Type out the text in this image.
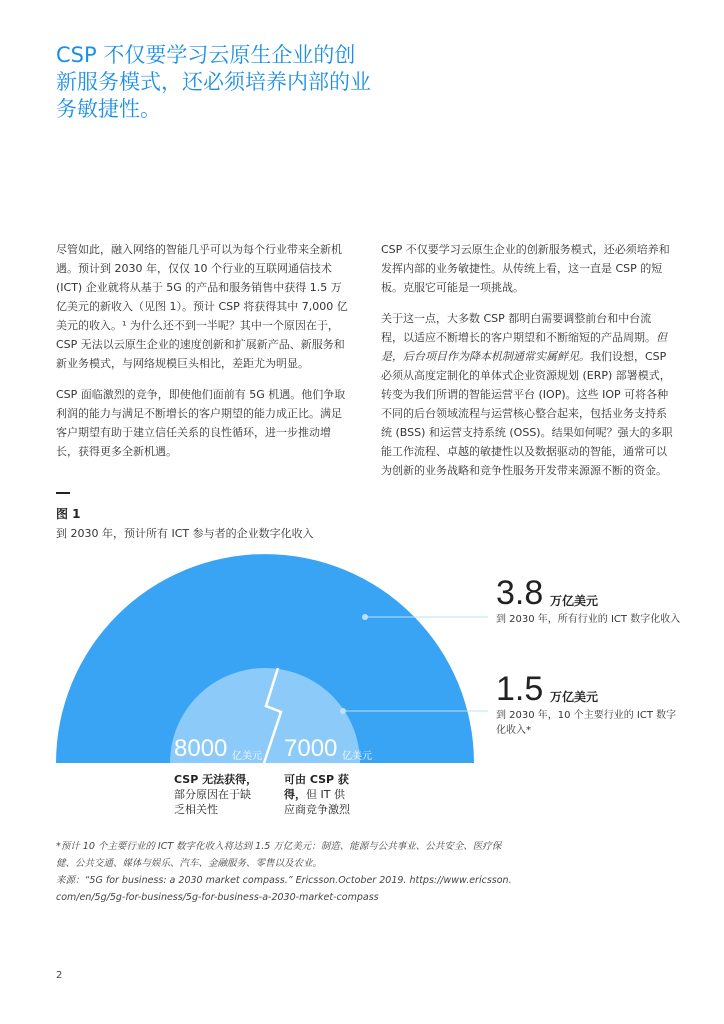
CSP 不仅要学习云原生企业的创新服务模式，还必须培养内部的业务敏捷性。

尽管如此，融入网络的智能几乎可以为每个行业带来全新机遇。预计到 2030 年，仅仅 10 个行业的互联网通信技术 (ICT) 企业就将从基于 5G 的产品和服务销售中获得 1.5 万亿美元的新收入（见图 1）。预计 CSP 将获得其中 7,000 亿美元的收入。¹ 为什么还不到一半呢？其中一个原因在于，CSP 无法以云原生企业的速度创新和扩展新产品、新服务和新业务模式，与网络规模巨头相比，差距尤为明显。

CSP 面临激烈的竞争，即使他们面前有 5G 机遇。他们争取利润的能力与满足不断增长的客户期望的能力成正比。满足客户期望有助于建立信任关系的良性循环，进一步推动增长，获得更多全新机遇。

CSP 不仅要学习云原生企业的创新服务模式，还必须培养和发挥内部的业务敏捷性。从传统上看，这一直是 CSP 的短板。克服它可能是一项挑战。

关于这一点，大多数 CSP 都明白需要调整前台和中台流程，以适应不断增长的客户期望和不断缩短的产品周期。但是，后台项目作为降本机制通常实属鲜见。我们设想，CSP 必须从高度定制化的单体式企业资源规划 (ERP) 部署模式，转变为我们所谓的智能运营平台 (IOP)。这些 IOP 可将各种不同的后台领域流程与运营核心整合起来，包括业务支持系统 (BSS) 和运营支持系统 (OSS)。结果如何呢？强大的多职能工作流程、卓越的敏捷性以及数据驱动的智能，通常可以为创新的业务战略和竞争性服务开发带来源源不断的资金。

图 1
到 2030 年，预计所有 ICT 参与者的企业数字化收入
3.8 万亿美元
到 2030 年，所有行业的 ICT 数字化收入
1.5 万亿美元
到 2030 年，10 个主要行业的 ICT 数字
化收入*
8000 亿美元 7000 亿美元
CSP 无法获得，
部分原因在于缺
乏相关性
可由 CSP 获
得，但 IT 供
应商竞争激烈
*预计 10 个主要行业的 ICT 数字化收入将达到 1.5 万亿美元：制造、能源与公共事业、公共安全、医疗保
健、公共交通、媒体与娱乐、汽车、金融服务、零售以及农业。
来源：“5G for business: a 2030 market compass.” Ericsson.October 2019. https://www.ericsson.
com/en/5g/5g-for-business/5g-for-business-a-2030-market-compass
2
